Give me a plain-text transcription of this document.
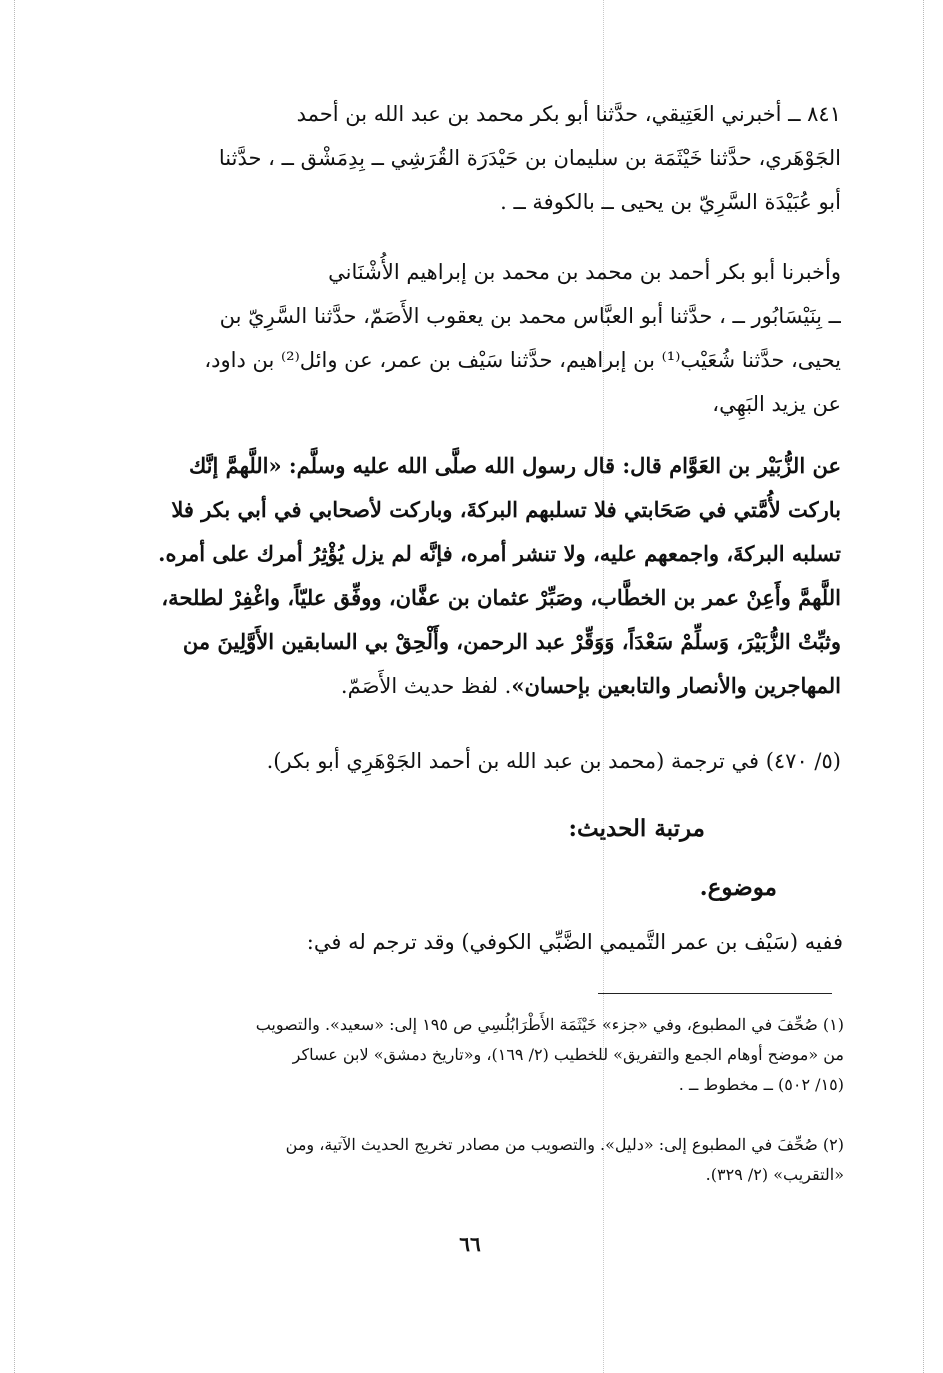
٨٤١ ــ أخبرني العَتِيقي، حدَّثنا أبو بكر محمد بن عبد الله بن أحمد
الجَوْهَري، حدَّثنا خَيْثَمَة بن سليمان بن حَيْدَرَة القُرَشِي ــ بِدِمَشْق ــ ، حدَّثنا
أبو عُبَيْدَة السَّرِيّ بن يحيى ــ بالكوفة ــ .
وأخبرنا أبو بكر أحمد بن محمد بن محمد بن إبراهيم الأُشْنَاني
ــ بِنَيْسَابُور ــ ، حدَّثنا أبو العبَّاس محمد بن يعقوب الأَصَمّ، حدَّثنا السَّرِيّ بن
يحيى، حدَّثنا شُعَيْب⁽¹⁾ بن إبراهيم، حدَّثنا سَيْف بن عمر، عن وائل⁽²⁾ بن داود،
عن يزيد البَهِي،
عن الزُّبَيْر بن العَوَّام قال: قال رسول الله صلَّى الله عليه وسلَّم: «اللَّهمَّ إنَّك
باركت لأُمَّتي في صَحَابتي فلا تسلبهم البركةَ، وباركت لأصحابي في أبي بكر فلا
تسلبه البركةَ، واجمعهم عليه، ولا تنشر أمره، فإنَّه لم يزل يُؤْثِرُ أمرك على أمره.
اللَّهمَّ وأَعِنْ عمر بن الخطَّاب، وصَبِّرْ عثمان بن عفَّان، ووفِّق عليّاً، واغْفِرْ لطلحة،
وثبِّتْ الزُّبَيْرَ، وَسلِّمْ سَعْدَاً، وَوَقِّرْ عبد الرحمن، وأَلْحِقْ بي السابقين الأَوَّلِينَ من
المهاجرين والأنصار والتابعين بإحسان». لفظ حديث الأَصَمّ.
(٥/ ٤٧٠) في ترجمة (محمد بن عبد الله بن أحمد الجَوْهَرِي أبو بكر).
مرتبة الحديث:
موضوع.
ففيه (سَيْف بن عمر التَّميمي الضَّبِّي الكوفي) وقد ترجم له في:
(١) صُحِّفَ في المطبوع، وفي «جزء» خَيْثَمَة الأَطْرَابُلُسِي ص ١٩٥ إلى: «سعيد». والتصويب
من «موضح أوهام الجمع والتفريق» للخطيب (٢/ ١٦٩)، و«تاريخ دمشق» لابن عساكر
(١٥/ ٥٠٢) ــ مخطوط ــ .
(٢) صُحِّفَ في المطبوع إلى: «دليل». والتصويب من مصادر تخريج الحديث الآتية، ومن
«التقريب» (٢/ ٣٢٩).
٦٦
